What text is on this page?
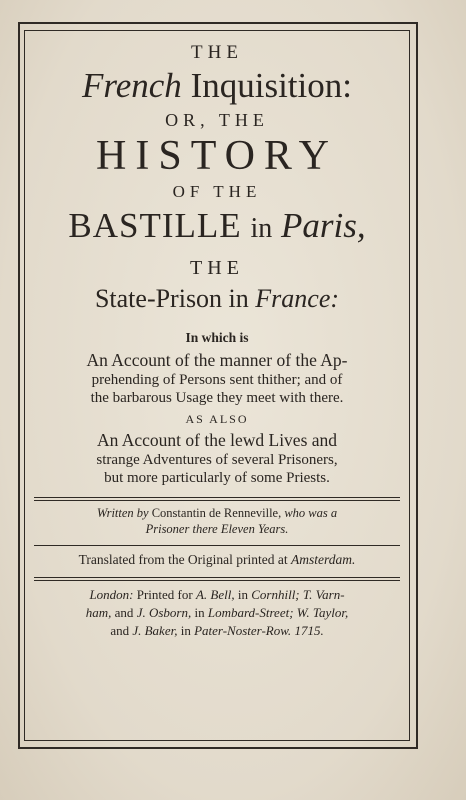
THE
French Inquisition:
OR, THE
HISTORY
OF THE
BASTILLE in Paris,
THE
State-Prison in France:
In which is
An Account of the manner of the Ap-
prehending of Persons sent thither; and of
the barbarous Usage they meet with there.
AS ALSO
An Account of the lewd Lives and
strange Adventures of several Prisoners,
but more particularly of some Priests.
Written by Constantin de Renneville, who was a
Prisoner there Eleven Years.
Translated from the Original printed at Amsterdam.
London: Printed for A. Bell, in Cornhill; T. Varn-
ham, and J. Osborn, in Lombard-Street; W. Taylor,
and J. Baker, in Pater-Noster-Row. 1715.
